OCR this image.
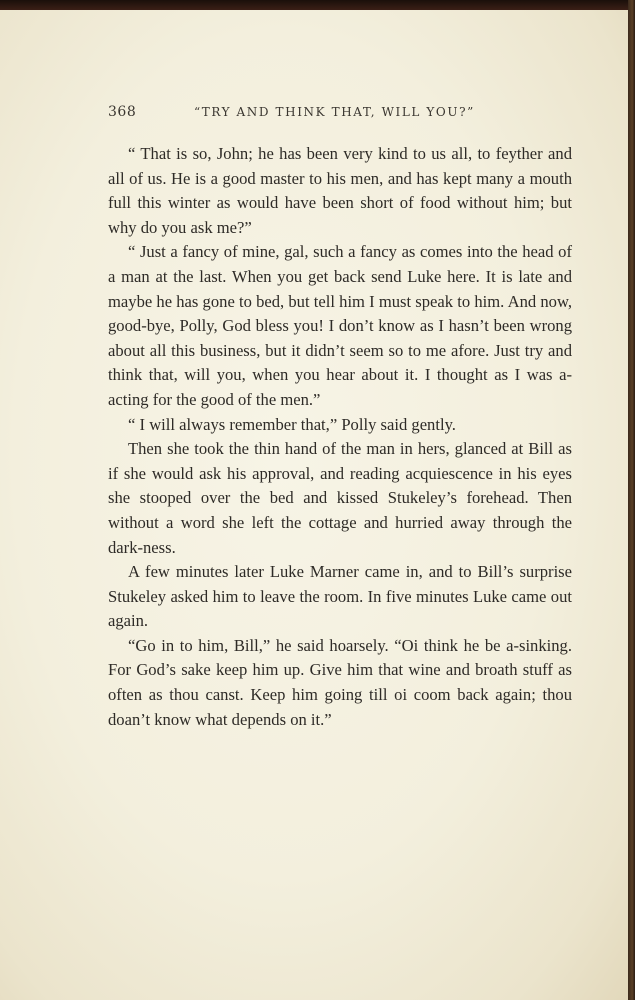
368	“TRY AND THINK THAT, WILL YOU?”

“ That is so, John; he has been very kind to us all, to feyther and all of us. He is a good master to his men, and has kept many a mouth full this winter as would have been short of food without him; but why do you ask me?”

“ Just a fancy of mine, gal, such a fancy as comes into the head of a man at the last. When you get back send Luke here. It is late and maybe he has gone to bed, but tell him I must speak to him. And now, good-bye, Polly, God bless you! I don’t know as I hasn’t been wrong about all this business, but it didn’t seem so to me afore. Just try and think that, will you, when you hear about it. I thought as I was a-acting for the good of the men.”

“ I will always remember that,” Polly said gently.

Then she took the thin hand of the man in hers, glanced at Bill as if she would ask his approval, and reading acquiescence in his eyes she stooped over the bed and kissed Stukeley’s forehead. Then without a word she left the cottage and hurried away through the dark-ness.

A few minutes later Luke Marner came in, and to Bill’s surprise Stukeley asked him to leave the room. In five minutes Luke came out again.

“Go in to him, Bill,” he said hoarsely. “Oi think he be a-sinking. For God’s sake keep him up. Give him that wine and broath stuff as often as thou canst. Keep him going till oi coom back again; thou doan’t know what depends on it.”
